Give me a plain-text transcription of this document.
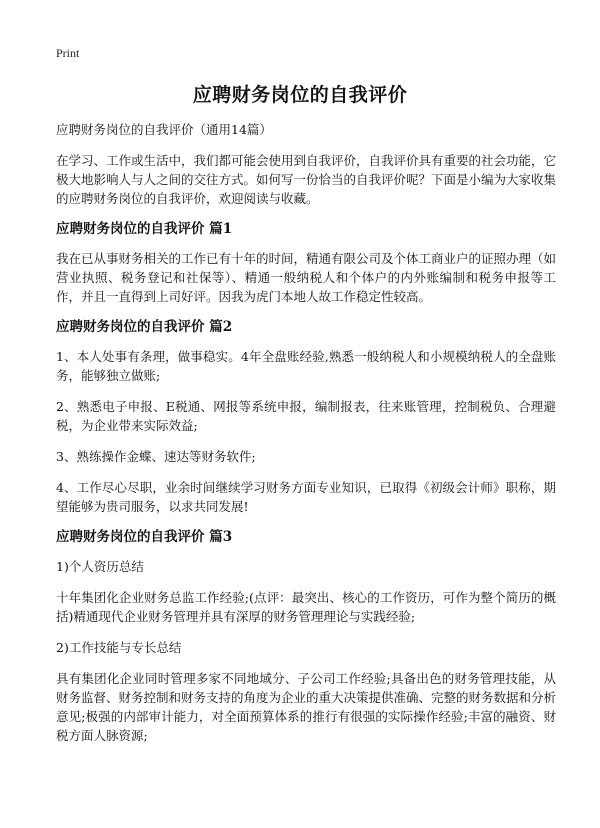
Print
应聘财务岗位的自我评价

应聘财务岗位的自我评价（通用14篇）

在学习、工作或生活中，我们都可能会使用到自我评价，自我评价具有重要的社会功能，它极大地影响人与人之间的交往方式。如何写一份恰当的自我评价呢？下面是小编为大家收集的应聘财务岗位的自我评价，欢迎阅读与收藏。

应聘财务岗位的自我评价 篇1

我在已从事财务相关的工作已有十年的时间，精通有限公司及个体工商业户的证照办理（如营业执照、税务登记和社保等）、精通一般纳税人和个体户的内外账编制和税务申报等工作，并且一直得到上司好评。因我为虎门本地人故工作稳定性较高。

应聘财务岗位的自我评价 篇2

1、本人处事有条理，做事稳实。4年全盘账经验,熟悉一般纳税人和小规模纳税人的全盘账务，能够独立做账;

2、熟悉电子申报、E税通、网报等系统申报，编制报表，往来账管理，控制税负、合理避税，为企业带来实际效益;

3、熟练操作金蝶、速达等财务软件;

4、工作尽心尽职，业余时间继续学习财务方面专业知识，已取得《初级会计师》职称，期望能够为贵司服务，以求共同发展!

应聘财务岗位的自我评价 篇3

1)个人资历总结

十年集团化企业财务总监工作经验;(点评：最突出、核心的工作资历，可作为整个简历的概括)精通现代企业财务管理并具有深厚的财务管理理论与实践经验;

2)工作技能与专长总结

具有集团化企业同时管理多家不同地域分、子公司工作经验;具备出色的财务管理技能，从财务监督、财务控制和财务支持的角度为企业的重大决策提供准确、完整的财务数据和分析意见;极强的内部审计能力，对全面预算体系的推行有很强的实际操作经验;丰富的融资、财税方面人脉资源;
